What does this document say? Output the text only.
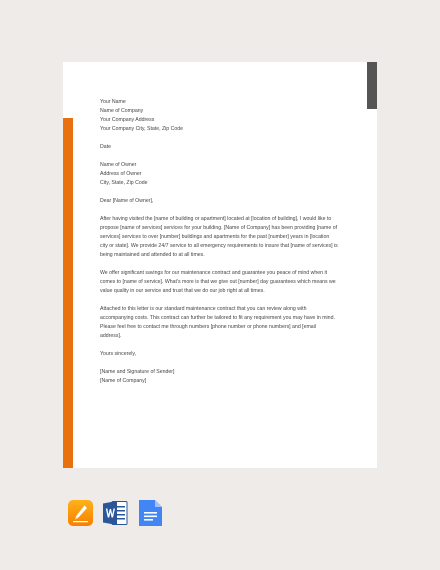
Your Name
Name of Company
Your Company Address
Your Company City, State, Zip Code
Date
Name of Owner
Address of Owner
City, State, Zip Code
Dear [Name of Owner],
After having visited the [name of building or apartment] located at [location of building], I would like to
propose [name of services] services for your building. [Name of Company] has been providing [name of
services] services to over [number] buildings and apartments for the past [number] years in [location
city or state]. We provide 24/7 service to all emergency requirements to insure that [name of services] is
being maintained and attended to at all times.
We offer significant savings for our maintenance contract and guarantee you peace of mind when it
comes to [name of service]. What's more is that we give out [number] day guarantees which means we
value quality in our service and trust that we do our job right at all times.
Attached to this letter is our standard maintenance contract that you can review along with
accompanying costs. This contract can further be tailored to fit any requirement you may have in mind.
Please feel free to contact me through numbers [phone number or phone numbers] and [email
address].
Yours sincerely,
[Name and Signature of Sender]
[Name of Company]
